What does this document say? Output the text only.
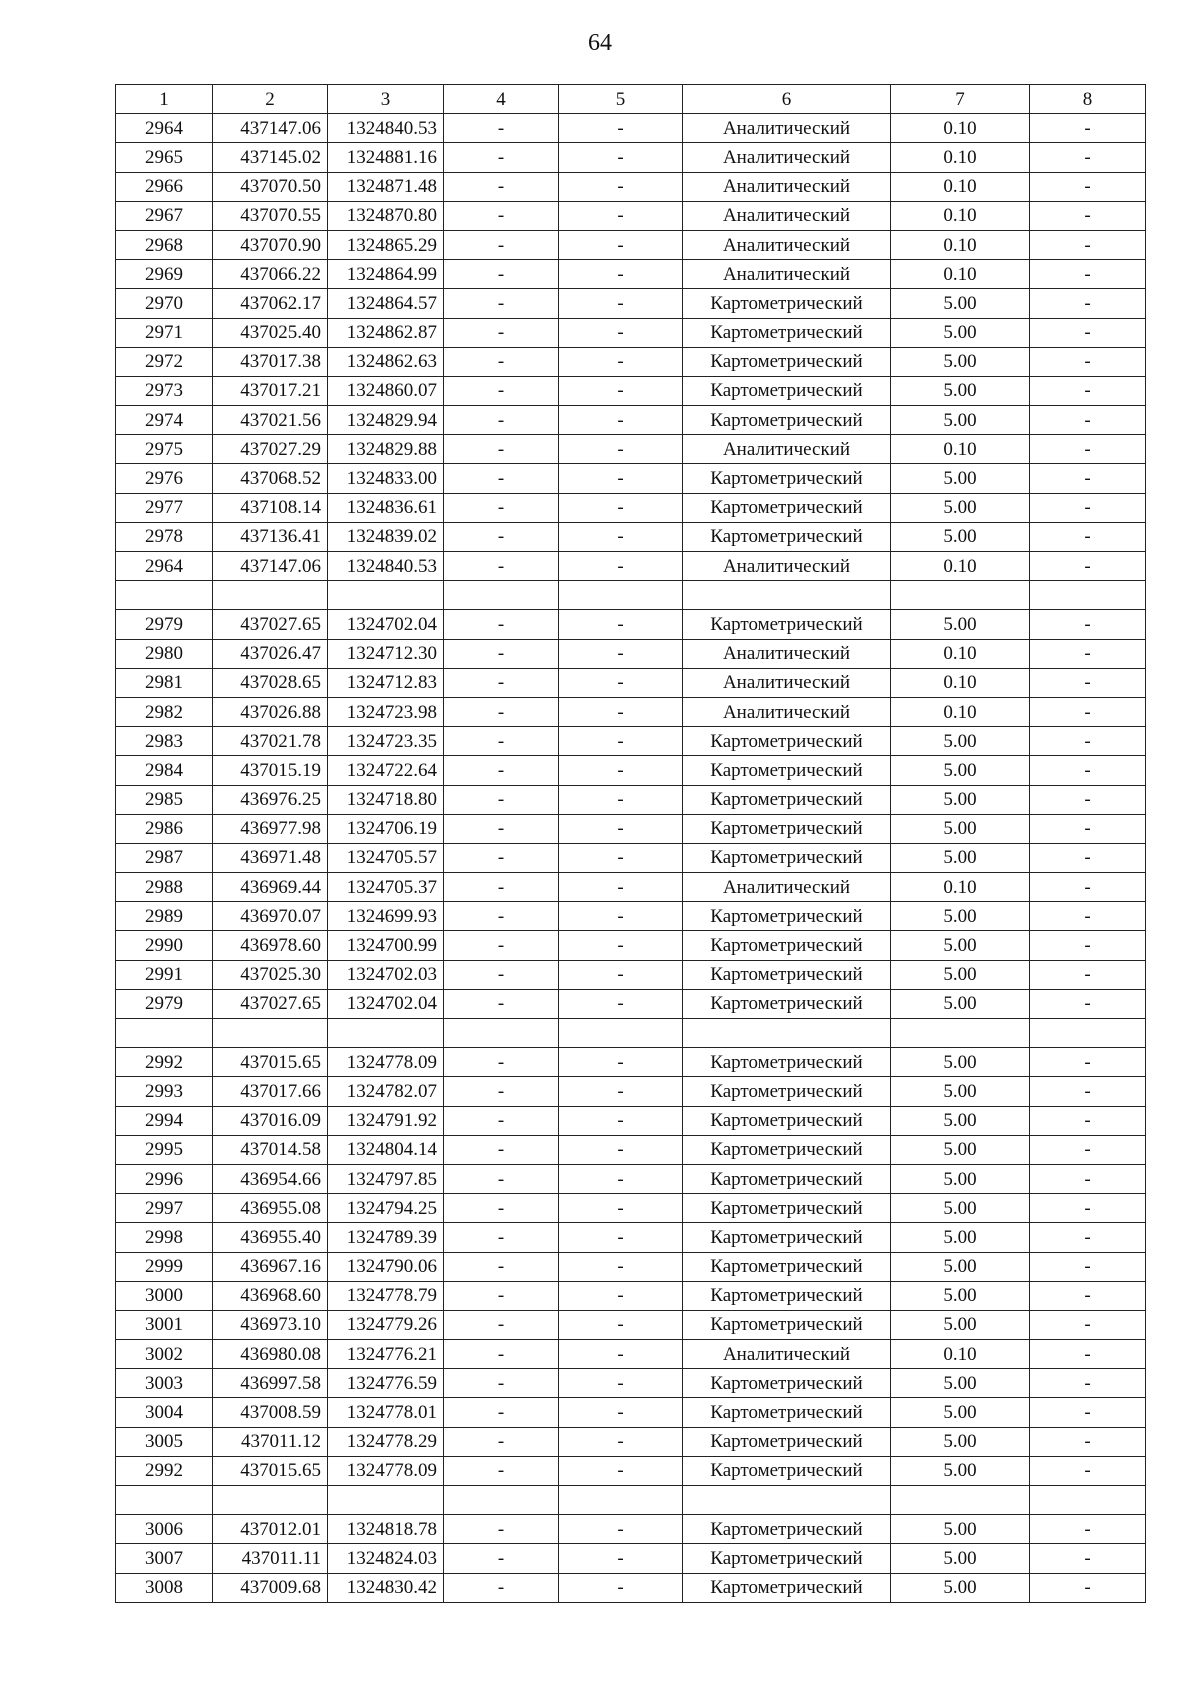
64
1	2	3	4	5	6	7	8
2964	437147.06	1324840.53	-	-	Аналитический	0.10	-
2965	437145.02	1324881.16	-	-	Аналитический	0.10	-
2966	437070.50	1324871.48	-	-	Аналитический	0.10	-
2967	437070.55	1324870.80	-	-	Аналитический	0.10	-
2968	437070.90	1324865.29	-	-	Аналитический	0.10	-
2969	437066.22	1324864.99	-	-	Аналитический	0.10	-
2970	437062.17	1324864.57	-	-	Картометрический	5.00	-
2971	437025.40	1324862.87	-	-	Картометрический	5.00	-
2972	437017.38	1324862.63	-	-	Картометрический	5.00	-
2973	437017.21	1324860.07	-	-	Картометрический	5.00	-
2974	437021.56	1324829.94	-	-	Картометрический	5.00	-
2975	437027.29	1324829.88	-	-	Аналитический	0.10	-
2976	437068.52	1324833.00	-	-	Картометрический	5.00	-
2977	437108.14	1324836.61	-	-	Картометрический	5.00	-
2978	437136.41	1324839.02	-	-	Картометрический	5.00	-
2964	437147.06	1324840.53	-	-	Аналитический	0.10	-

2979	437027.65	1324702.04	-	-	Картометрический	5.00	-
2980	437026.47	1324712.30	-	-	Аналитический	0.10	-
2981	437028.65	1324712.83	-	-	Аналитический	0.10	-
2982	437026.88	1324723.98	-	-	Аналитический	0.10	-
2983	437021.78	1324723.35	-	-	Картометрический	5.00	-
2984	437015.19	1324722.64	-	-	Картометрический	5.00	-
2985	436976.25	1324718.80	-	-	Картометрический	5.00	-
2986	436977.98	1324706.19	-	-	Картометрический	5.00	-
2987	436971.48	1324705.57	-	-	Картометрический	5.00	-
2988	436969.44	1324705.37	-	-	Аналитический	0.10	-
2989	436970.07	1324699.93	-	-	Картометрический	5.00	-
2990	436978.60	1324700.99	-	-	Картометрический	5.00	-
2991	437025.30	1324702.03	-	-	Картометрический	5.00	-
2979	437027.65	1324702.04	-	-	Картометрический	5.00	-

2992	437015.65	1324778.09	-	-	Картометрический	5.00	-
2993	437017.66	1324782.07	-	-	Картометрический	5.00	-
2994	437016.09	1324791.92	-	-	Картометрический	5.00	-
2995	437014.58	1324804.14	-	-	Картометрический	5.00	-
2996	436954.66	1324797.85	-	-	Картометрический	5.00	-
2997	436955.08	1324794.25	-	-	Картометрический	5.00	-
2998	436955.40	1324789.39	-	-	Картометрический	5.00	-
2999	436967.16	1324790.06	-	-	Картометрический	5.00	-
3000	436968.60	1324778.79	-	-	Картометрический	5.00	-
3001	436973.10	1324779.26	-	-	Картометрический	5.00	-
3002	436980.08	1324776.21	-	-	Аналитический	0.10	-
3003	436997.58	1324776.59	-	-	Картометрический	5.00	-
3004	437008.59	1324778.01	-	-	Картометрический	5.00	-
3005	437011.12	1324778.29	-	-	Картометрический	5.00	-
2992	437015.65	1324778.09	-	-	Картометрический	5.00	-

3006	437012.01	1324818.78	-	-	Картометрический	5.00	-
3007	437011.11	1324824.03	-	-	Картометрический	5.00	-
3008	437009.68	1324830.42	-	-	Картометрический	5.00	-
